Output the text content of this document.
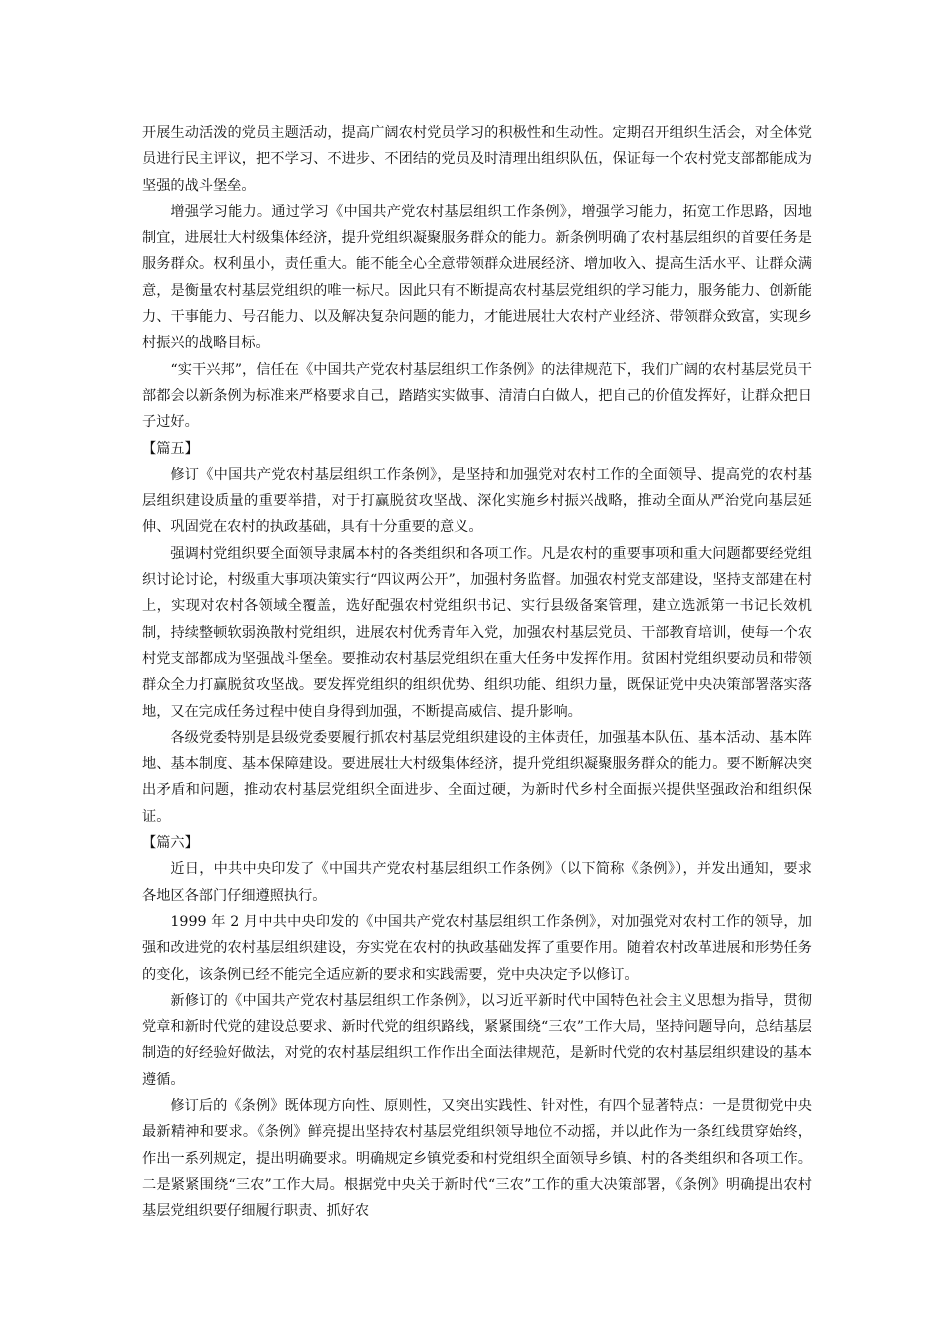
开展生动活泼的党员主题活动，提高广阔农村党员学习的积极性和生动性。定期召开组织生活会，对全体党员进行民主评议，把不学习、不进步、不团结的党员及时清理出组织队伍，保证每一个农村党支部都能成为坚强的战斗堡垒。

增强学习能力。通过学习《中国共产党农村基层组织工作条例》，增强学习能力，拓宽工作思路，因地制宜，进展壮大村级集体经济，提升党组织凝聚服务群众的能力。新条例明确了农村基层组织的首要任务是服务群众。权利虽小，责任重大。能不能全心全意带领群众进展经济、增加收入、提高生活水平、让群众满意，是衡量农村基层党组织的唯一标尺。因此只有不断提高农村基层党组织的学习能力，服务能力、创新能力、干事能力、号召能力、以及解决复杂问题的能力，才能进展壮大农村产业经济、带领群众致富，实现乡村振兴的战略目标。

“实干兴邦”，信任在《中国共产党农村基层组织工作条例》的法律规范下，我们广阔的农村基层党员干部都会以新条例为标准来严格要求自己，踏踏实实做事、清清白白做人，把自己的价值发挥好，让群众把日子过好。

【篇五】

修订《中国共产党农村基层组织工作条例》，是坚持和加强党对农村工作的全面领导、提高党的农村基层组织建设质量的重要举措，对于打赢脱贫攻坚战、深化实施乡村振兴战略，推动全面从严治党向基层延伸、巩固党在农村的执政基础，具有十分重要的意义。

强调村党组织要全面领导隶属本村的各类组织和各项工作。凡是农村的重要事项和重大问题都要经党组织讨论讨论，村级重大事项决策实行“四议两公开”，加强村务监督。加强农村党支部建设，坚持支部建在村上，实现对农村各领域全覆盖，选好配强农村党组织书记、实行县级备案管理，建立选派第一书记长效机制，持续整顿软弱涣散村党组织，进展农村优秀青年入党，加强农村基层党员、干部教育培训，使每一个农村党支部都成为坚强战斗堡垒。要推动农村基层党组织在重大任务中发挥作用。贫困村党组织要动员和带领群众全力打赢脱贫攻坚战。要发挥党组织的组织优势、组织功能、组织力量，既保证党中央决策部署落实落地，又在完成任务过程中使自身得到加强，不断提高威信、提升影响。

各级党委特别是县级党委要履行抓农村基层党组织建设的主体责任，加强基本队伍、基本活动、基本阵地、基本制度、基本保障建设。要进展壮大村级集体经济，提升党组织凝聚服务群众的能力。要不断解决突出矛盾和问题，推动农村基层党组织全面进步、全面过硬，为新时代乡村全面振兴提供坚强政治和组织保证。

【篇六】

近日，中共中央印发了《中国共产党农村基层组织工作条例》（以下简称《条例》），并发出通知，要求各地区各部门仔细遵照执行。

1999 年 2 月中共中央印发的《中国共产党农村基层组织工作条例》，对加强党对农村工作的领导，加强和改进党的农村基层组织建设，夯实党在农村的执政基础发挥了重要作用。随着农村改革进展和形势任务的变化，该条例已经不能完全适应新的要求和实践需要，党中央决定予以修订。

新修订的《中国共产党农村基层组织工作条例》，以习近平新时代中国特色社会主义思想为指导，贯彻党章和新时代党的建设总要求、新时代党的组织路线，紧紧围绕“三农”工作大局，坚持问题导向，总结基层制造的好经验好做法，对党的农村基层组织工作作出全面法律规范，是新时代党的农村基层组织建设的基本遵循。

修订后的《条例》既体现方向性、原则性，又突出实践性、针对性，有四个显著特点：一是贯彻党中央最新精神和要求。《条例》鲜亮提出坚持农村基层党组织领导地位不动摇，并以此作为一条红线贯穿始终，作出一系列规定，提出明确要求。明确规定乡镇党委和村党组织全面领导乡镇、村的各类组织和各项工作。二是紧紧围绕“三农”工作大局。根据党中央关于新时代“三农”工作的重大决策部署，《条例》明确提出农村基层党组织要仔细履行职责、抓好农
